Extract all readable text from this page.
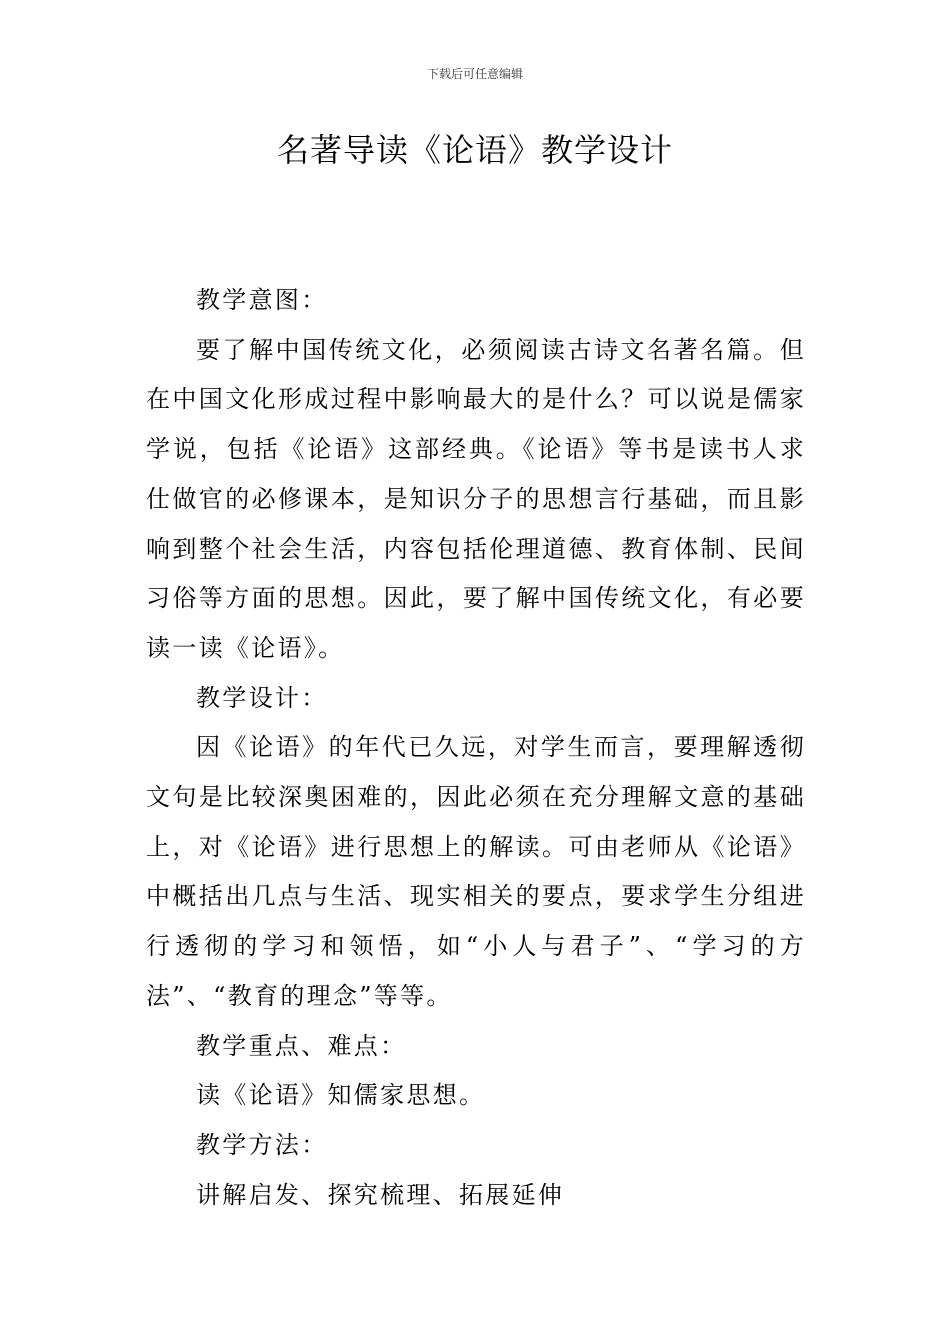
下载后可任意编辑
名著导读《论语》教学设计

教学意图：

要了解中国传统文化，必须阅读古诗文名著名篇。但在中国文化形成过程中影响最大的是什么？可以说是儒家学说，包括《论语》这部经典。《论语》等书是读书人求仕做官的必修课本，是知识分子的思想言行基础，而且影响到整个社会生活，内容包括伦理道德、教育体制、民间习俗等方面的思想。因此，要了解中国传统文化，有必要读一读《论语》。

教学设计：

因《论语》的年代已久远，对学生而言，要理解透彻文句是比较深奥困难的，因此必须在充分理解文意的基础上，对《论语》进行思想上的解读。可由老师从《论语》中概括出几点与生活、现实相关的要点，要求学生分组进行透彻的学习和领悟，如“小人与君子”、“学习的方法”、“教育的理念”等等。

教学重点、难点：

读《论语》知儒家思想。

教学方法：

讲解启发、探究梳理、拓展延伸
